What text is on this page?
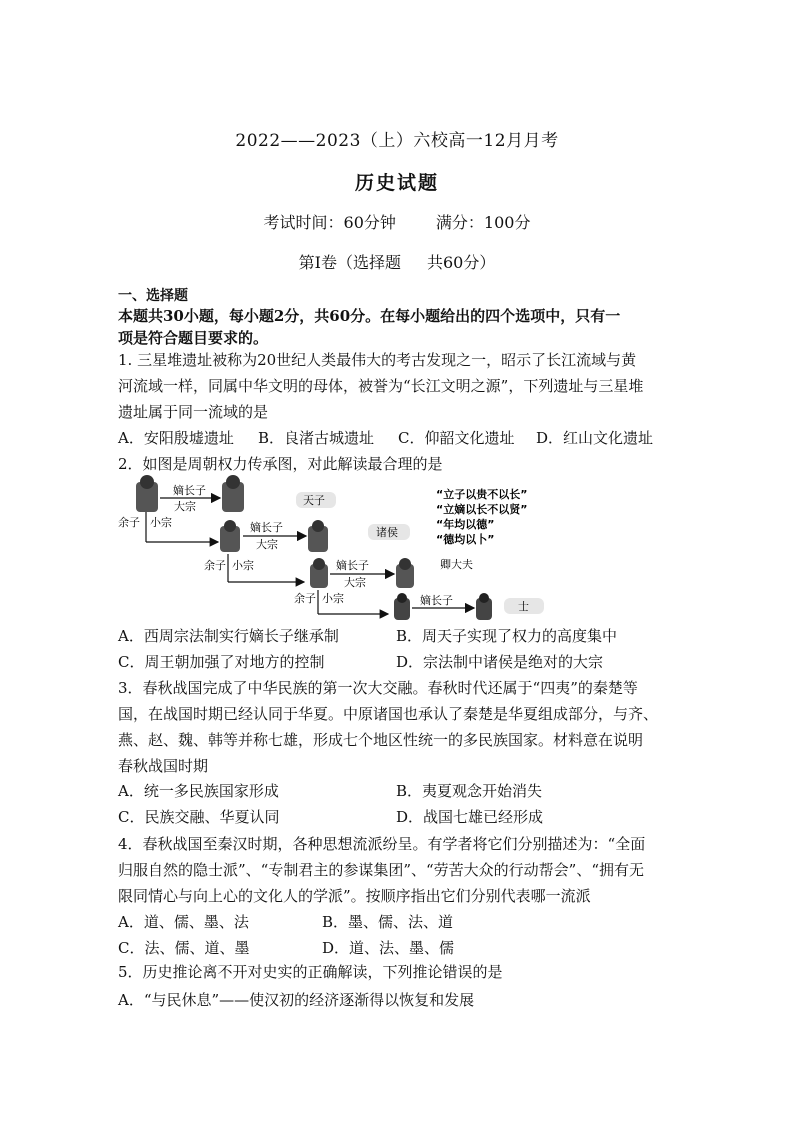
2022——2023（上）六校高一12月月考
历史试题
考试时间：60分钟	满分：100分
第Ⅰ卷（选择题 共60分）
一、选择题
本题共30小题，每小题2分，共60分。在每小题给出的四个选项中，只有一
项是符合题目要求的。
1. 三星堆遗址被称为20世纪人类最伟大的考古发现之一，昭示了长江流域与黄
河流域一样，同属中华文明的母体，被誉为“长江文明之源”，下列遗址与三星堆
遗址属于同一流域的是
A．安阳殷墟遗址 B．良渚古城遗址 C．仰韶文化遗址 D．红山文化遗址
2．如图是周朝权力传承图，对此解读最合理的是
嫡长子
大宗	天子
余子 小宗	嫡长子
大宗
诸侯
余子 小宗	嫡长子
大宗
卿大夫
余子 小宗	嫡长子	士
“立子以贵不以长”
“立嫡以长不以贤”
“年均以德”
“德均以卜”
A．西周宗法制实行嫡长子继承制	B．周天子实现了权力的高度集中
C．周王朝加强了对地方的控制	D．宗法制中诸侯是绝对的大宗
3．春秋战国完成了中华民族的第一次大交融。春秋时代还属于“四夷”的秦楚等
国，在战国时期已经认同于华夏。中原诸国也承认了秦楚是华夏组成部分，与齐、
燕、赵、魏、韩等并称七雄，形成七个地区性统一的多民族国家。材料意在说明
春秋战国时期
A．统一多民族国家形成	B．夷夏观念开始消失
C．民族交融、华夏认同	D．战国七雄已经形成
4．春秋战国至秦汉时期，各种思想流派纷呈。有学者将它们分别描述为：“全面
归服自然的隐士派”、“专制君主的参谋集团”、“劳苦大众的行动帮会”、“拥有无
限同情心与向上心的文化人的学派”。按顺序指出它们分别代表哪一流派
A．道、儒、墨、法	B．墨、儒、法、道
C．法、儒、道、墨	D．道、法、墨、儒
5．历史推论离不开对史实的正确解读，下列推论错误的是
A．“与民休息”——使汉初的经济逐渐得以恢复和发展
